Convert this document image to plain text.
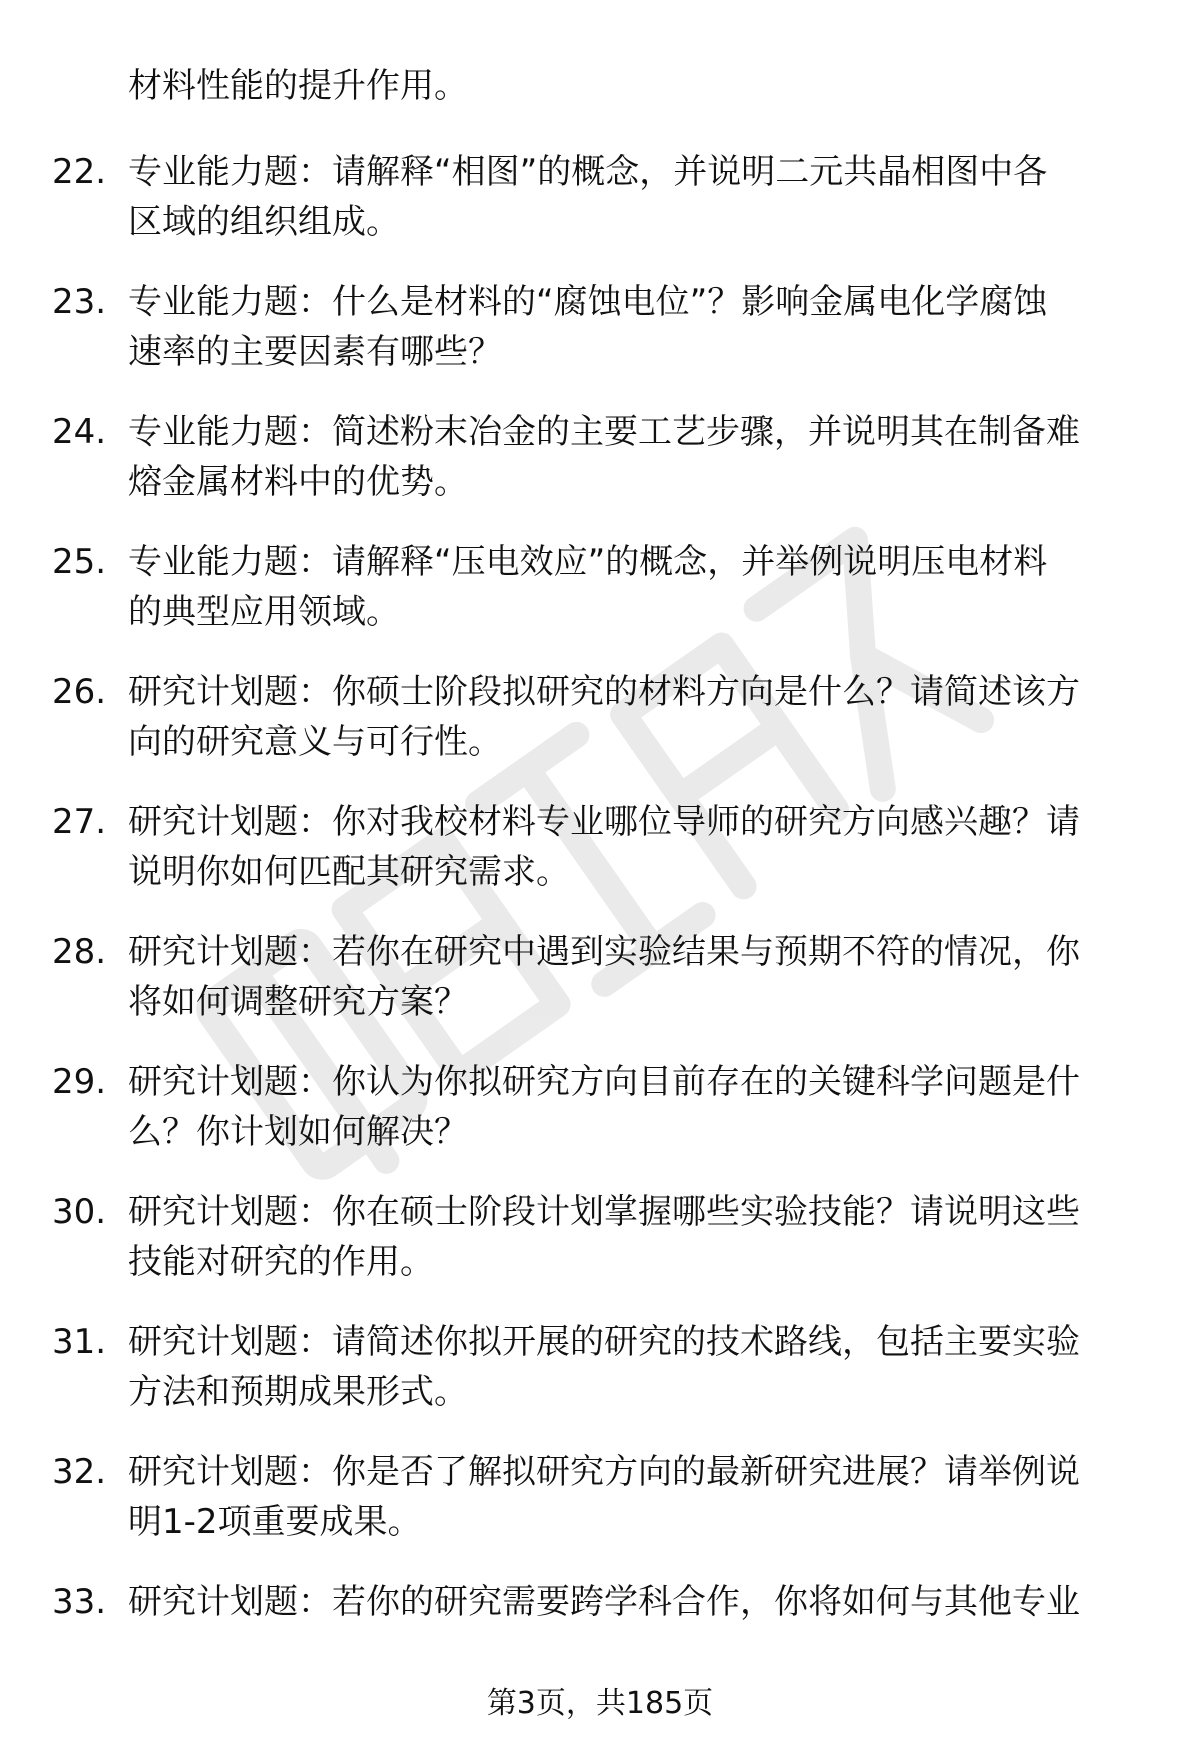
材料性能的提升作用。
22. 专业能力题：请解释“相图”的概念，并说明二元共晶相图中各
区域的组织组成。
23. 专业能力题：什么是材料的“腐蚀电位”？影响金属电化学腐蚀
速率的主要因素有哪些？
24. 专业能力题：简述粉末冶金的主要工艺步骤，并说明其在制备难
熔金属材料中的优势。
25. 专业能力题：请解释“压电效应”的概念，并举例说明压电材料
的典型应用领域。
26. 研究计划题：你硕士阶段拟研究的材料方向是什么？请简述该方
向的研究意义与可行性。
27. 研究计划题：你对我校材料专业哪位导师的研究方向感兴趣？请
说明你如何匹配其研究需求。
28. 研究计划题：若你在研究中遇到实验结果与预期不符的情况，你
将如何调整研究方案？
29. 研究计划题：你认为你拟研究方向目前存在的关键科学问题是什
么？你计划如何解决？
30. 研究计划题：你在硕士阶段计划掌握哪些实验技能？请说明这些
技能对研究的作用。
31. 研究计划题：请简述你拟开展的研究的技术路线，包括主要实验
方法和预期成果形式。
32. 研究计划题：你是否了解拟研究方向的最新研究进展？请举例说
明1-2项重要成果。
33. 研究计划题：若你的研究需要跨学科合作，你将如何与其他专业
第3页，共185页
